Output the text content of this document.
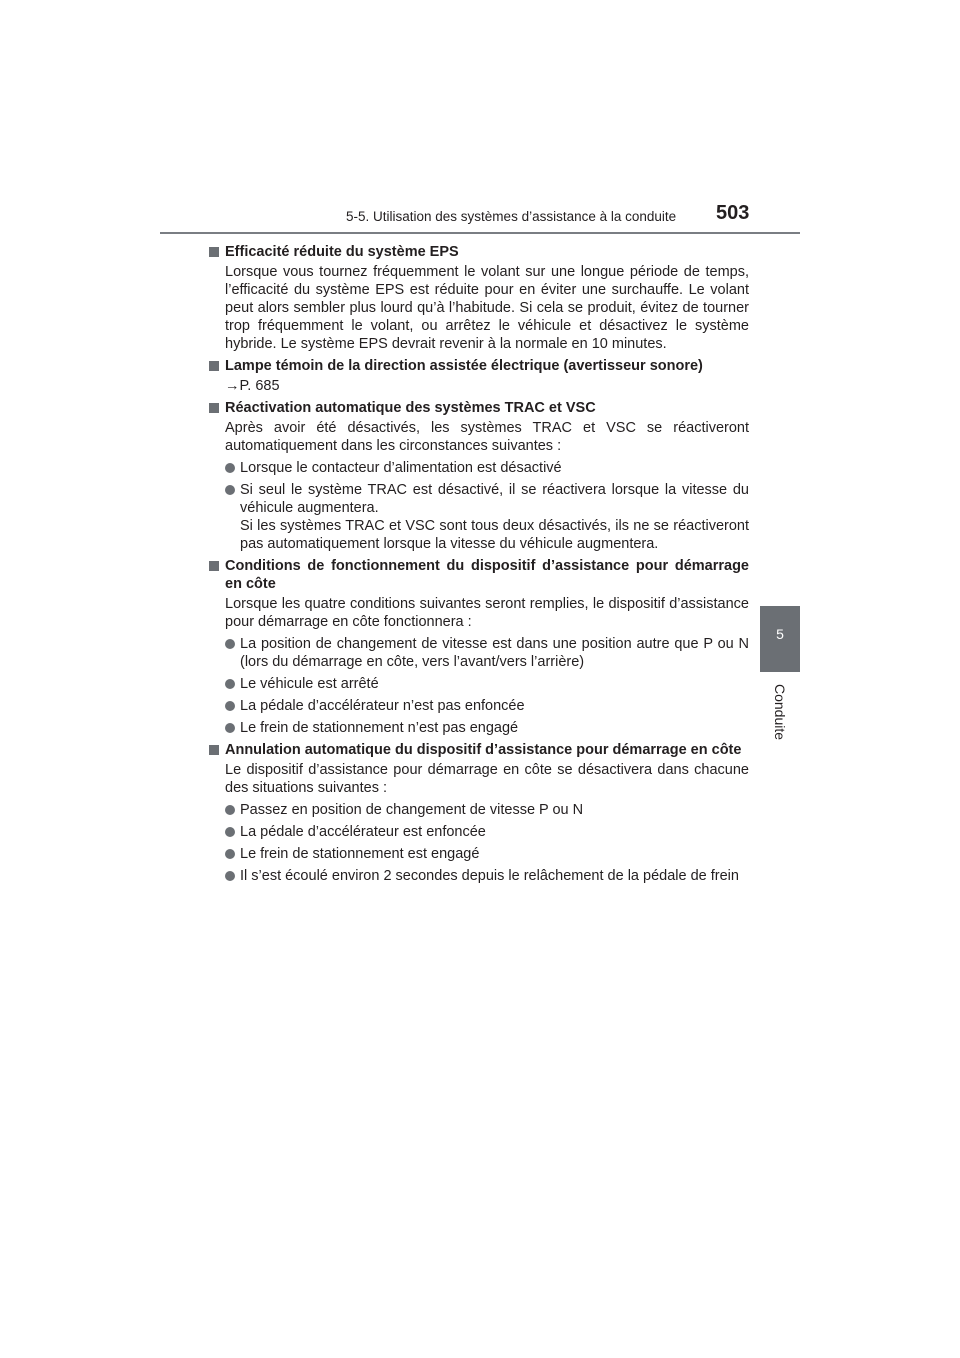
5-5. Utilisation des systèmes d’assistance à la conduite 503
5
Conduite
Efficacité réduite du système EPS
Lorsque vous tournez fréquemment le volant sur une longue période de temps, l’efficacité du système EPS est réduite pour en éviter une surchauffe. Le volant peut alors sembler plus lourd qu’à l’habitude. Si cela se produit, évitez de tourner trop fréquemment le volant, ou arrêtez le véhicule et désactivez le système hybride. Le système EPS devrait revenir à la normale en 10 minutes.
Lampe témoin de la direction assistée électrique (avertisseur sonore)
→P. 685
Réactivation automatique des systèmes TRAC et VSC
Après avoir été désactivés, les systèmes TRAC et VSC se réactiveront automatiquement dans les circonstances suivantes :
Lorsque le contacteur d’alimentation est désactivé
Si seul le système TRAC est désactivé, il se réactivera lorsque la vitesse du véhicule augmentera.
Si les systèmes TRAC et VSC sont tous deux désactivés, ils ne se réactiveront pas automatiquement lorsque la vitesse du véhicule augmentera.
Conditions de fonctionnement du dispositif d’assistance pour démarrage en côte
Lorsque les quatre conditions suivantes seront remplies, le dispositif d’assistance pour démarrage en côte fonctionnera :
La position de changement de vitesse est dans une position autre que P ou N (lors du démarrage en côte, vers l’avant/vers l’arrière)
Le véhicule est arrêté
La pédale d’accélérateur n’est pas enfoncée
Le frein de stationnement n’est pas engagé
Annulation automatique du dispositif d’assistance pour démarrage en côte
Le dispositif d’assistance pour démarrage en côte se désactivera dans chacune des situations suivantes :
Passez en position de changement de vitesse P ou N
La pédale d’accélérateur est enfoncée
Le frein de stationnement est engagé
Il s’est écoulé environ 2 secondes depuis le relâchement de la pédale de frein
